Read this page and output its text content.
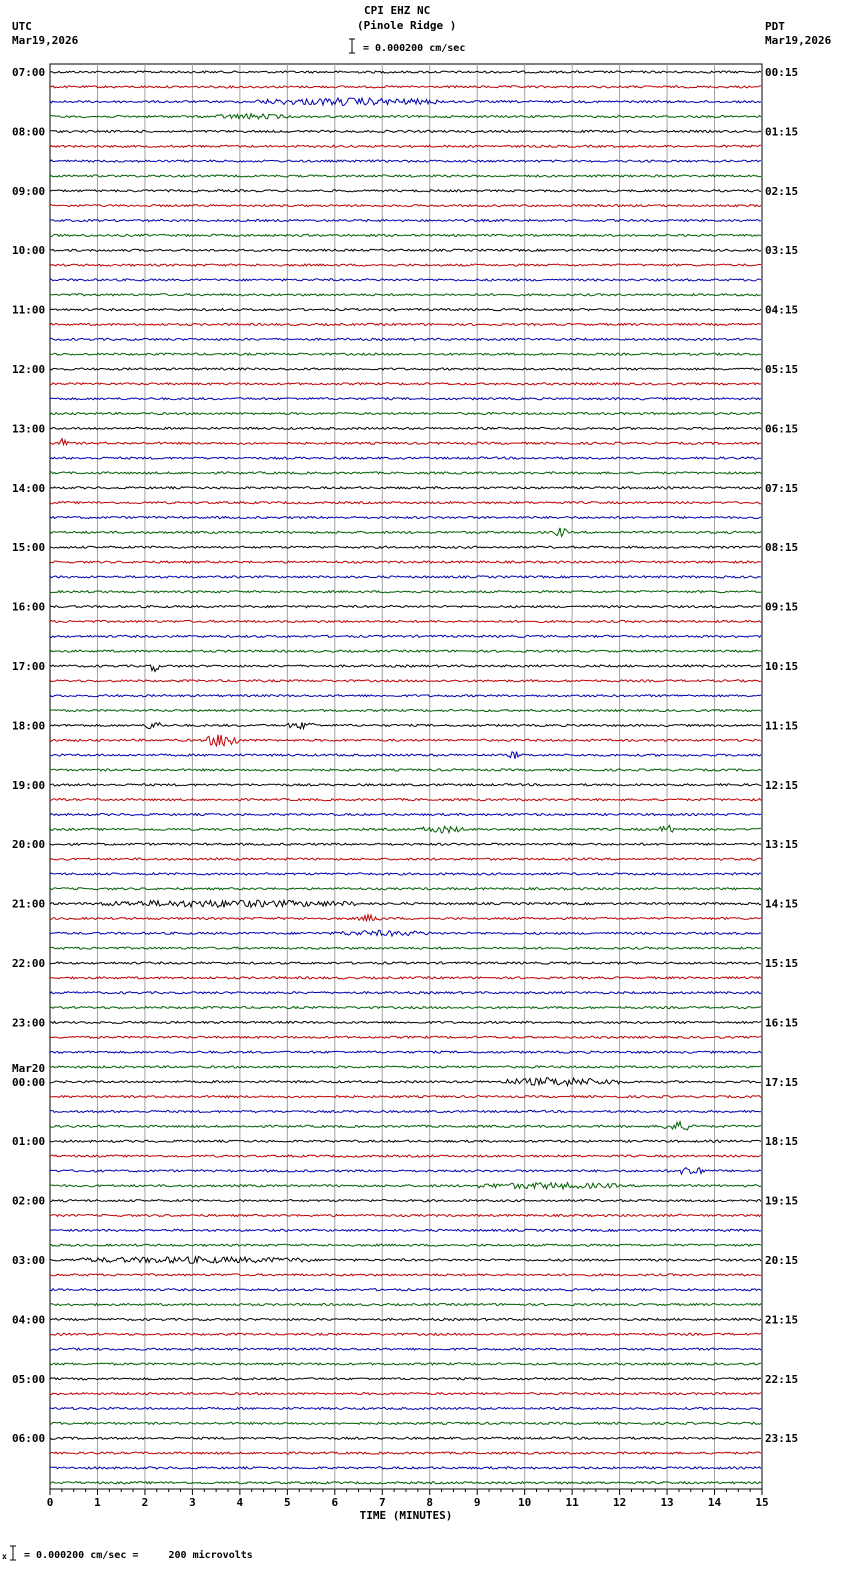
CPI EHZ NC
(Pinole Ridge )
UTC
Mar19,2026
PDT
Mar19,2026
= 0.000200 cm/sec
07:00
08:00
09:00
10:00
11:00
12:00
13:00
14:00
15:00
16:00
17:00
18:00
19:00
20:00
21:00
22:00
23:00
00:00
Mar20
01:00
02:00
03:00
04:00
05:00
06:00
00:15
01:15
02:15
03:15
04:15
05:15
06:15
07:15
08:15
09:15
10:15
11:15
12:15
13:15
14:15
15:15
16:15
17:15
18:15
19:15
20:15
21:15
22:15
23:15
0	1	2	3	4	5	6	7	8	9	10	11	12	13	14	15
TIME (MINUTES)
x = 0.000200 cm/sec =     200 microvolts
